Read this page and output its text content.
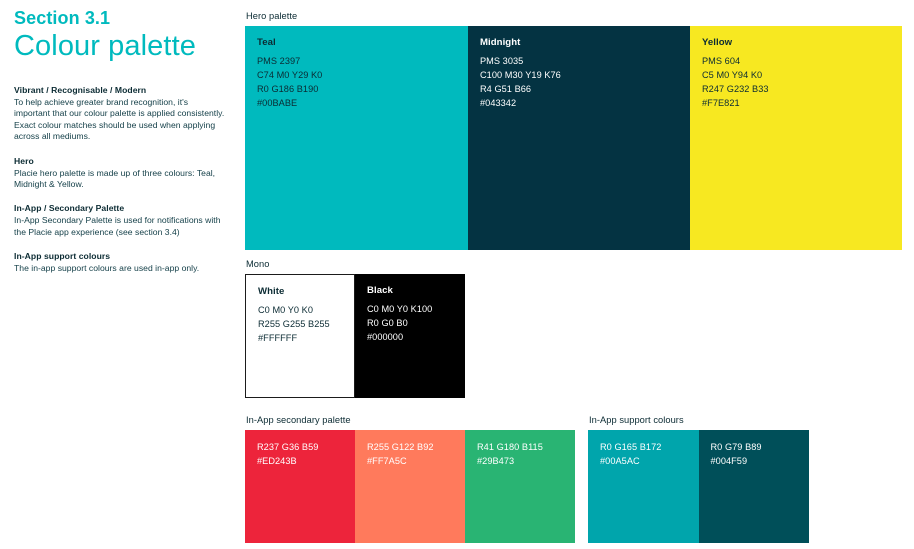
Section 3.1
Colour palette

Vibrant / Recognisable / Modern

To help achieve greater brand recognition, it's important that our colour palette is applied consistently. Exact colour matches should be used when applying across all mediums.

Hero

Placie hero palette is made up of three colours: Teal, Midnight & Yellow.

In-App / Secondary Palette

In-App Secondary Palette is used for notifications with the Placie app experience (see section 3.4)

In-App support colours

The in-app support colours are used in-app only.

Hero palette

Teal

PMS 2397

C74 M0 Y29 K0

R0 G186 B190

#00BABE

Midnight

PMS 3035

C100 M30 Y19 K76

R4 G51 B66

#043342

Yellow

PMS 604

C5 M0 Y94 K0

R247 G232 B33

#F7E821

Mono

White

C0 M0 Y0 K0

R255 G255 B255

#FFFFFF

Black

C0 M0 Y0 K100

R0 G0 B0

#000000

In-App secondary palette

R237 G36 B59

#ED243B

R255 G122 B92

#FF7A5C

R41 G180 B115

#29B473

In-App support colours

R0 G165 B172

#00A5AC

R0 G79 B89

#004F59
